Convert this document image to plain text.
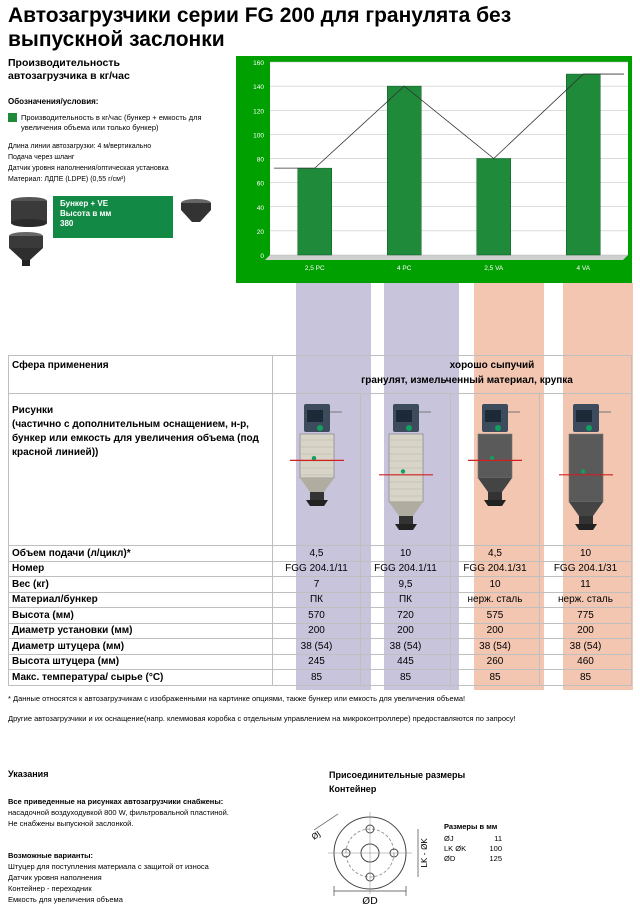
Автозагрузчики серии FG 200 для гранулята без выпускной заслонки
Производительность
автозагрузчика в кг/час
Обозначения/условия:
Производительность в кг/час (бункер + емкость для
увеличения объема или только бункер)
Длина линии автозагрузки: 4 м/вертикально
Подача через шланг
Датчик уровня наполнения/оптическая установка
Материал: ЛДПЕ (LDPE) (0,55 г/см³)
Бункер + VE
Высота в мм
380
0
20
40
60
80
100
120
140
160
2,5 PC	4 PC	2,5 VA	4 VA
Сфера применения	хорошо сыпучий
гранулят, измельченный материал, крупка			

Рисунки
(частично с дополнительным оснащением, н-р, бункер или емкость для увеличения объема (под красной линией))	

Объем подачи (л/цикл)*	4,5	10	4,5	10
Номер	FGG 204.1/11	FGG 204.1/11	FGG 204.1/31	FGG 204.1/31
Вес (кг)	7	9,5	10	11
Материал/бункер	ПК	ПК	нерж. сталь	нерж. сталь
Высота (мм)	570	720	575	775
Диаметр установки (мм)	200	200	200	200
Диаметр штуцера (мм)	38 (54)	38 (54)	38 (54)	38 (54)
Высота штуцера (мм)	245	445	260	460
Макс. температура/ сырье (°C)	85	85	85	85
* Данные относятся к автозагрузчикам с изображенными на картинке опциями, также бункер или емкость для увеличения объема!
Другие автозагрузчики и их оснащение(напр. клеммовая коробка с отдельным управлением на микроконтроллере) предоставляются по запросу!
Указания
Все приведенные на рисунках автозагрузчики снабжены:
насадочной воздуходувкой 800 W, фильтровальной пластиной.
Не снабжены выпускной заслонкой.
Возможные варианты:
Штуцер для поступления материала с защитой от износа
Датчик уровня наполнения
Контейнер - переходник
Емкость для увеличения объема
Присоединительные размеры
Контейнер
ØD
LK - ØK
ØJ
Размеры в мм
ØJ	11
LK ØK	100
ØD	125
